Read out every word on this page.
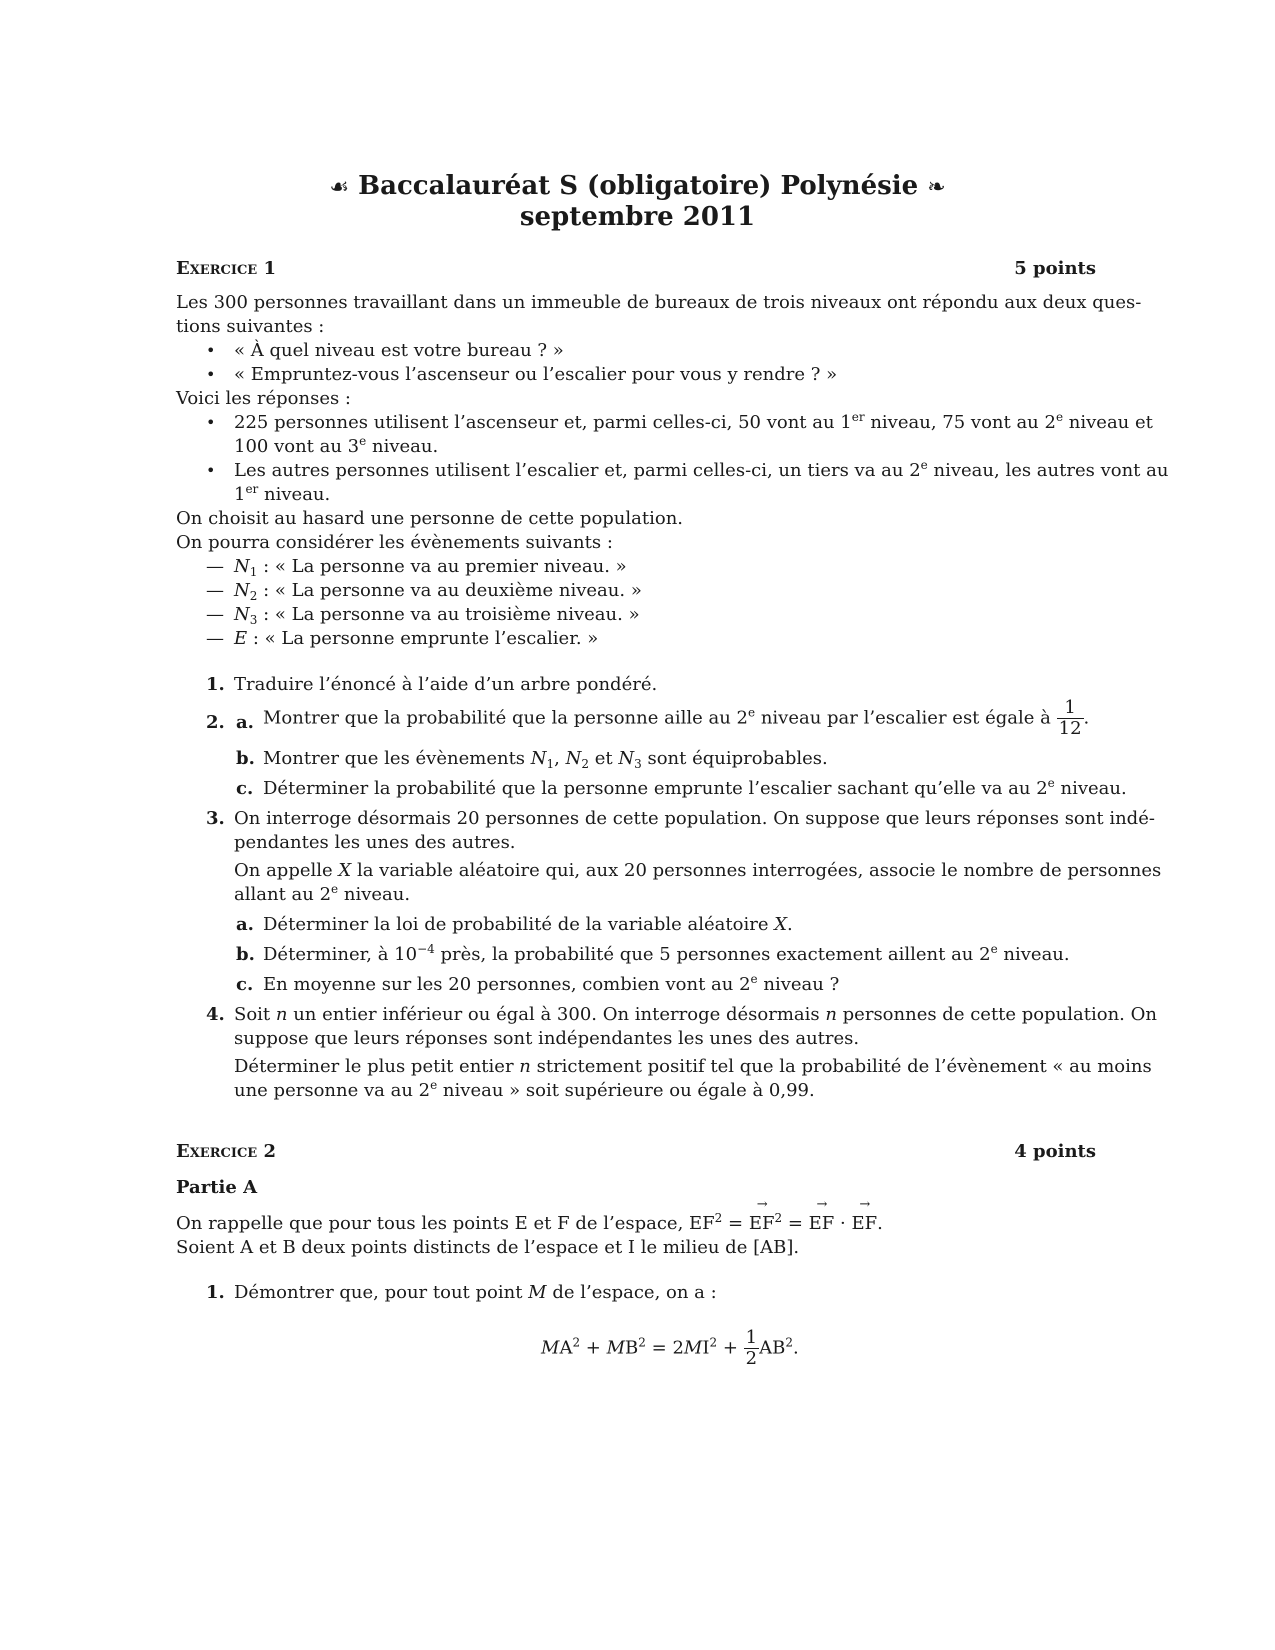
☙ Baccalauréat S (obligatoire) Polynésie ❧
septembre 2011
Exercice 1	5 points
Les 300 personnes travaillant dans un immeuble de bureaux de trois niveaux ont répondu aux deux ques-
tions suivantes :
• « À quel niveau est votre bureau ? »
• « Empruntez-vous l’ascenseur ou l’escalier pour vous y rendre ? »
Voici les réponses :
• 225 personnes utilisent l’ascenseur et, parmi celles-ci, 50 vont au 1er niveau, 75 vont au 2e niveau et
100 vont au 3e niveau.
• Les autres personnes utilisent l’escalier et, parmi celles-ci, un tiers va au 2e niveau, les autres vont au
1er niveau.
On choisit au hasard une personne de cette population.
On pourra considérer les évènements suivants :
— $N_1$ : « La personne va au premier niveau. »
— $N_2$ : « La personne va au deuxième niveau. »
— $N_3$ : « La personne va au troisième niveau. »
— E : « La personne emprunte l’escalier. »
1. Traduire l’énoncé à l’aide d’un arbre pondéré.
2. a. Montrer que la probabilité que la personne aille au 2e niveau par l’escalier est égale à $\frac{1}{12}$ .
b. Montrer que les évènements $N_1$, $N_2$ et $N_3$ sont équiprobables.
c. Déterminer la probabilité que la personne emprunte l’escalier sachant qu’elle va au 2e niveau.
3. On interroge désormais 20 personnes de cette population. On suppose que leurs réponses sont indé-
pendantes les unes des autres.
On appelle X la variable aléatoire qui, aux 20 personnes interrogées, associe le nombre de personnes
allant au 2e niveau.
a. Déterminer la loi de probabilité de la variable aléatoire X.
b. Déterminer, à $10^{-4}$ près, la probabilité que 5 personnes exactement aillent au 2e niveau.
c. En moyenne sur les 20 personnes, combien vont au 2e niveau ?
4. Soit n un entier inférieur ou égal à 300. On interroge désormais n personnes de cette population. On
suppose que leurs réponses sont indépendantes les unes des autres.
Déterminer le plus petit entier n strictement positif tel que la probabilité de l’évènement « au moins
une personne va au 2e niveau » soit supérieure ou égale à 0,99.
Exercice 2	4 points
Partie A
On rappelle que pour tous les points E et F de l’espace, $EF^2$ = → $EF^2$ = → EF · → EF.
Soient A et B deux points distincts de l’espace et I le milieu de [AB].
1. Démontrer que, pour tout point M de l’espace, on a :
$MA^2 + MB^2 = 2MI^2 + \frac{1}{2} AB^2$.
